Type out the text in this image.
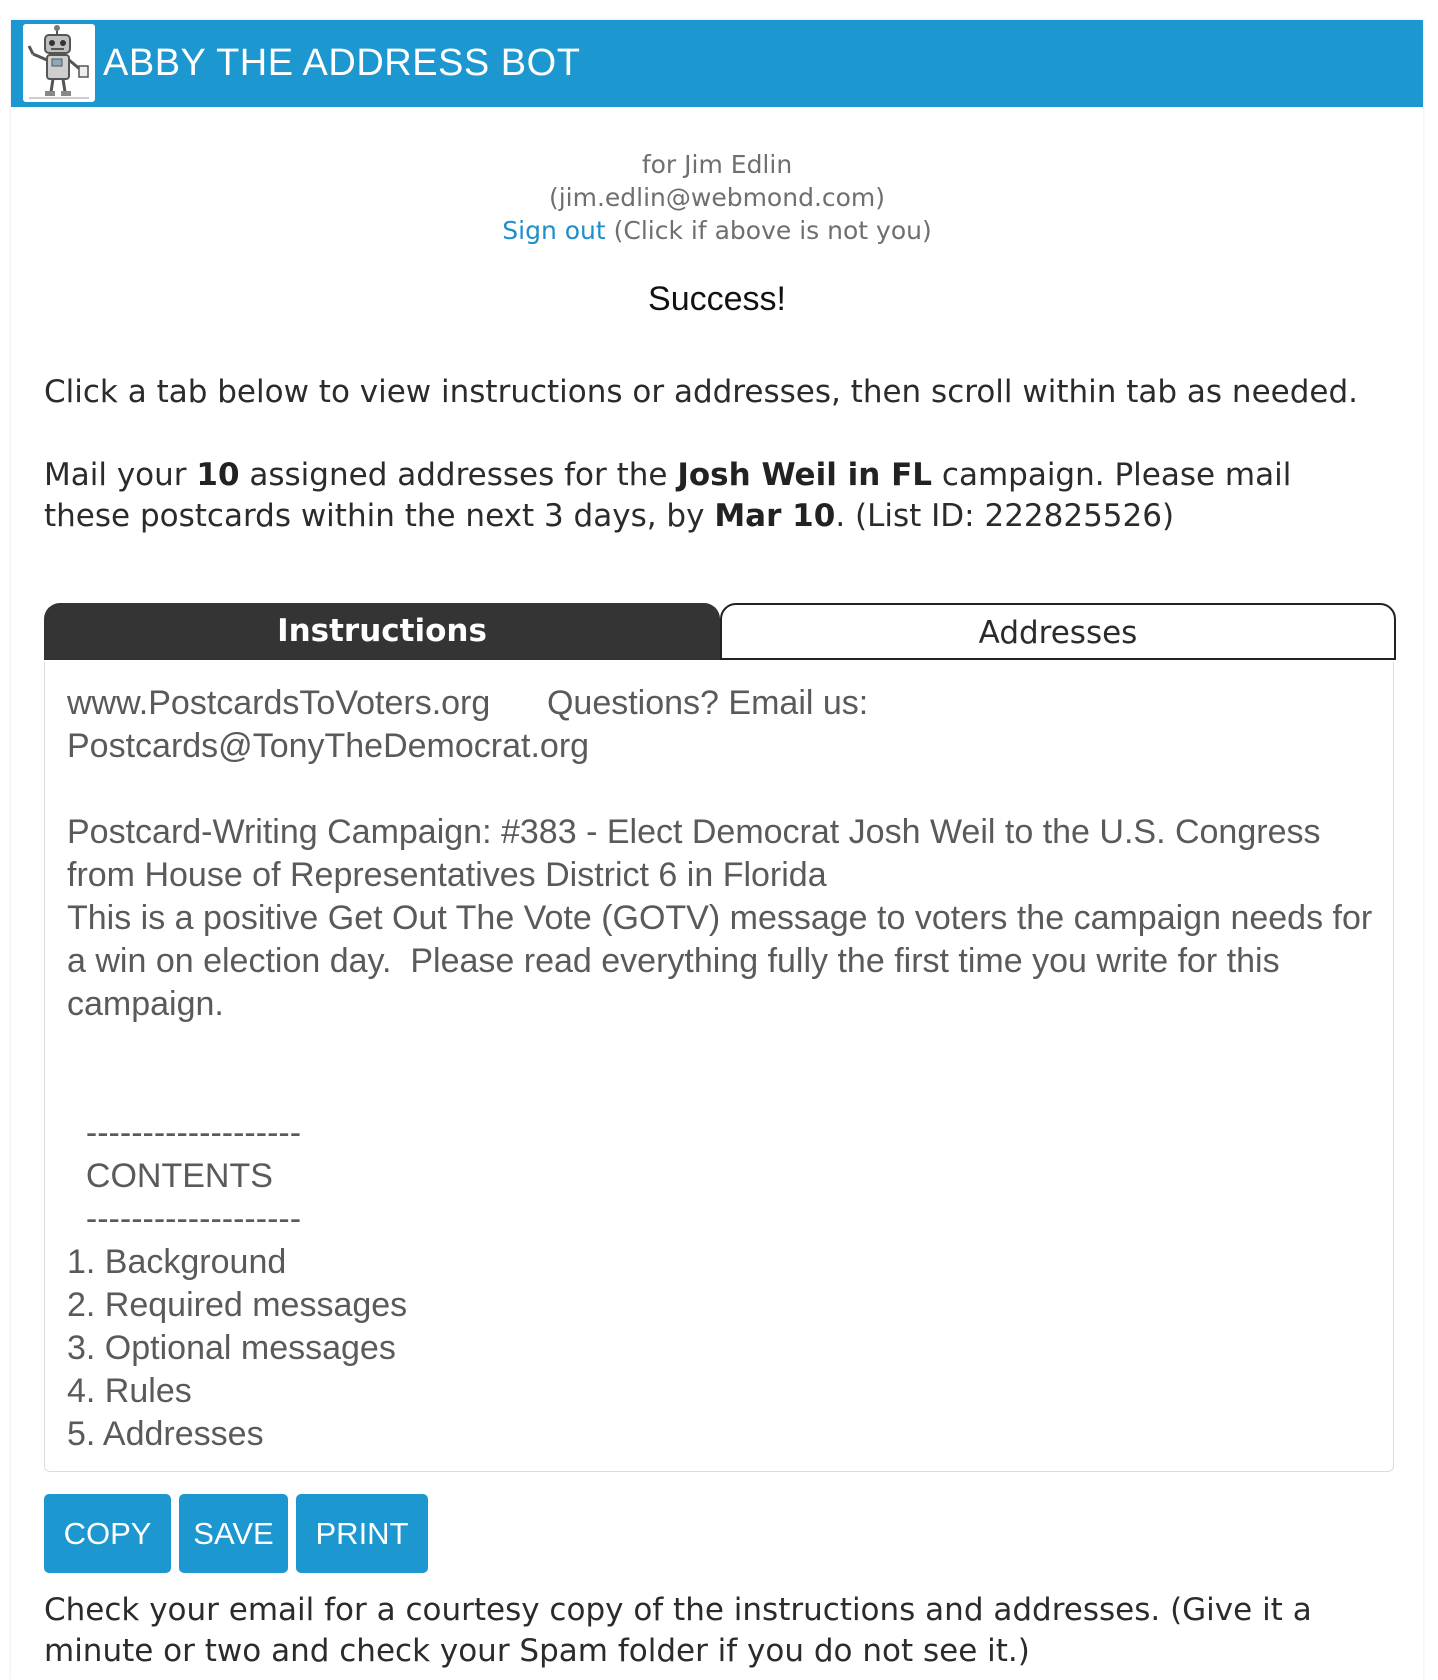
ABBY THE ADDRESS BOT
for Jim Edlin
(jim.edlin@webmond.com)
Sign out (Click if above is not you)
Success!

Click a tab below to view instructions or addresses, then scroll within tab as needed.

Mail your 10 assigned addresses for the Josh Weil in FL campaign. Please mail these postcards within the next 3 days, by Mar 10. (List ID: 222825526)

Instructions	Addresses
www.PostcardsToVoters.org      Questions? Email us: Postcards@TonyTheDemocrat.org

Postcard-Writing Campaign: #383 - Elect Democrat Josh Weil to the U.S. Congress from House of Representatives District 6 in Florida
This is a positive Get Out The Vote (GOTV) message to voters the campaign needs for a win on election day.  Please read everything fully the first time you write for this campaign.

-------------------
CONTENTS
-------------------
1. Background
2. Required messages
3. Optional messages
4. Rules
5. Addresses
COPY	SAVE	PRINT

Check your email for a courtesy copy of the instructions and addresses. (Give it a minute or two and check your Spam folder if you do not see it.)
